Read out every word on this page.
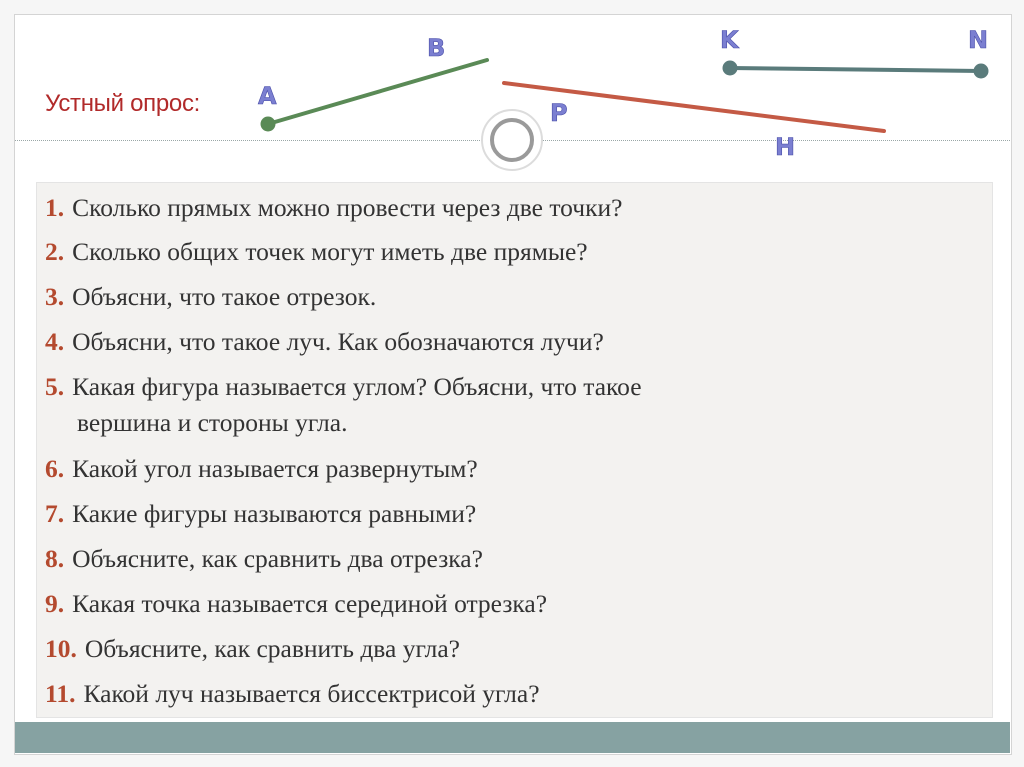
Устный опрос: A
B
P
H
K	N
1. Сколько прямых можно провести через две точки?
2. Сколько общих точек могут иметь две прямые?
3. Объясни, что такое отрезок.
4. Объясни, что такое луч. Как обозначаются лучи?
5. Какая фигура называется углом? Объясни, что такое
вершина и стороны угла.
6. Какой угол называется развернутым?
7. Какие фигуры называются равными?
8. Объясните, как сравнить два отрезка?
9. Какая точка называется серединой отрезка?
10. Объясните, как сравнить два угла?
11. Какой луч называется биссектрисой угла?
